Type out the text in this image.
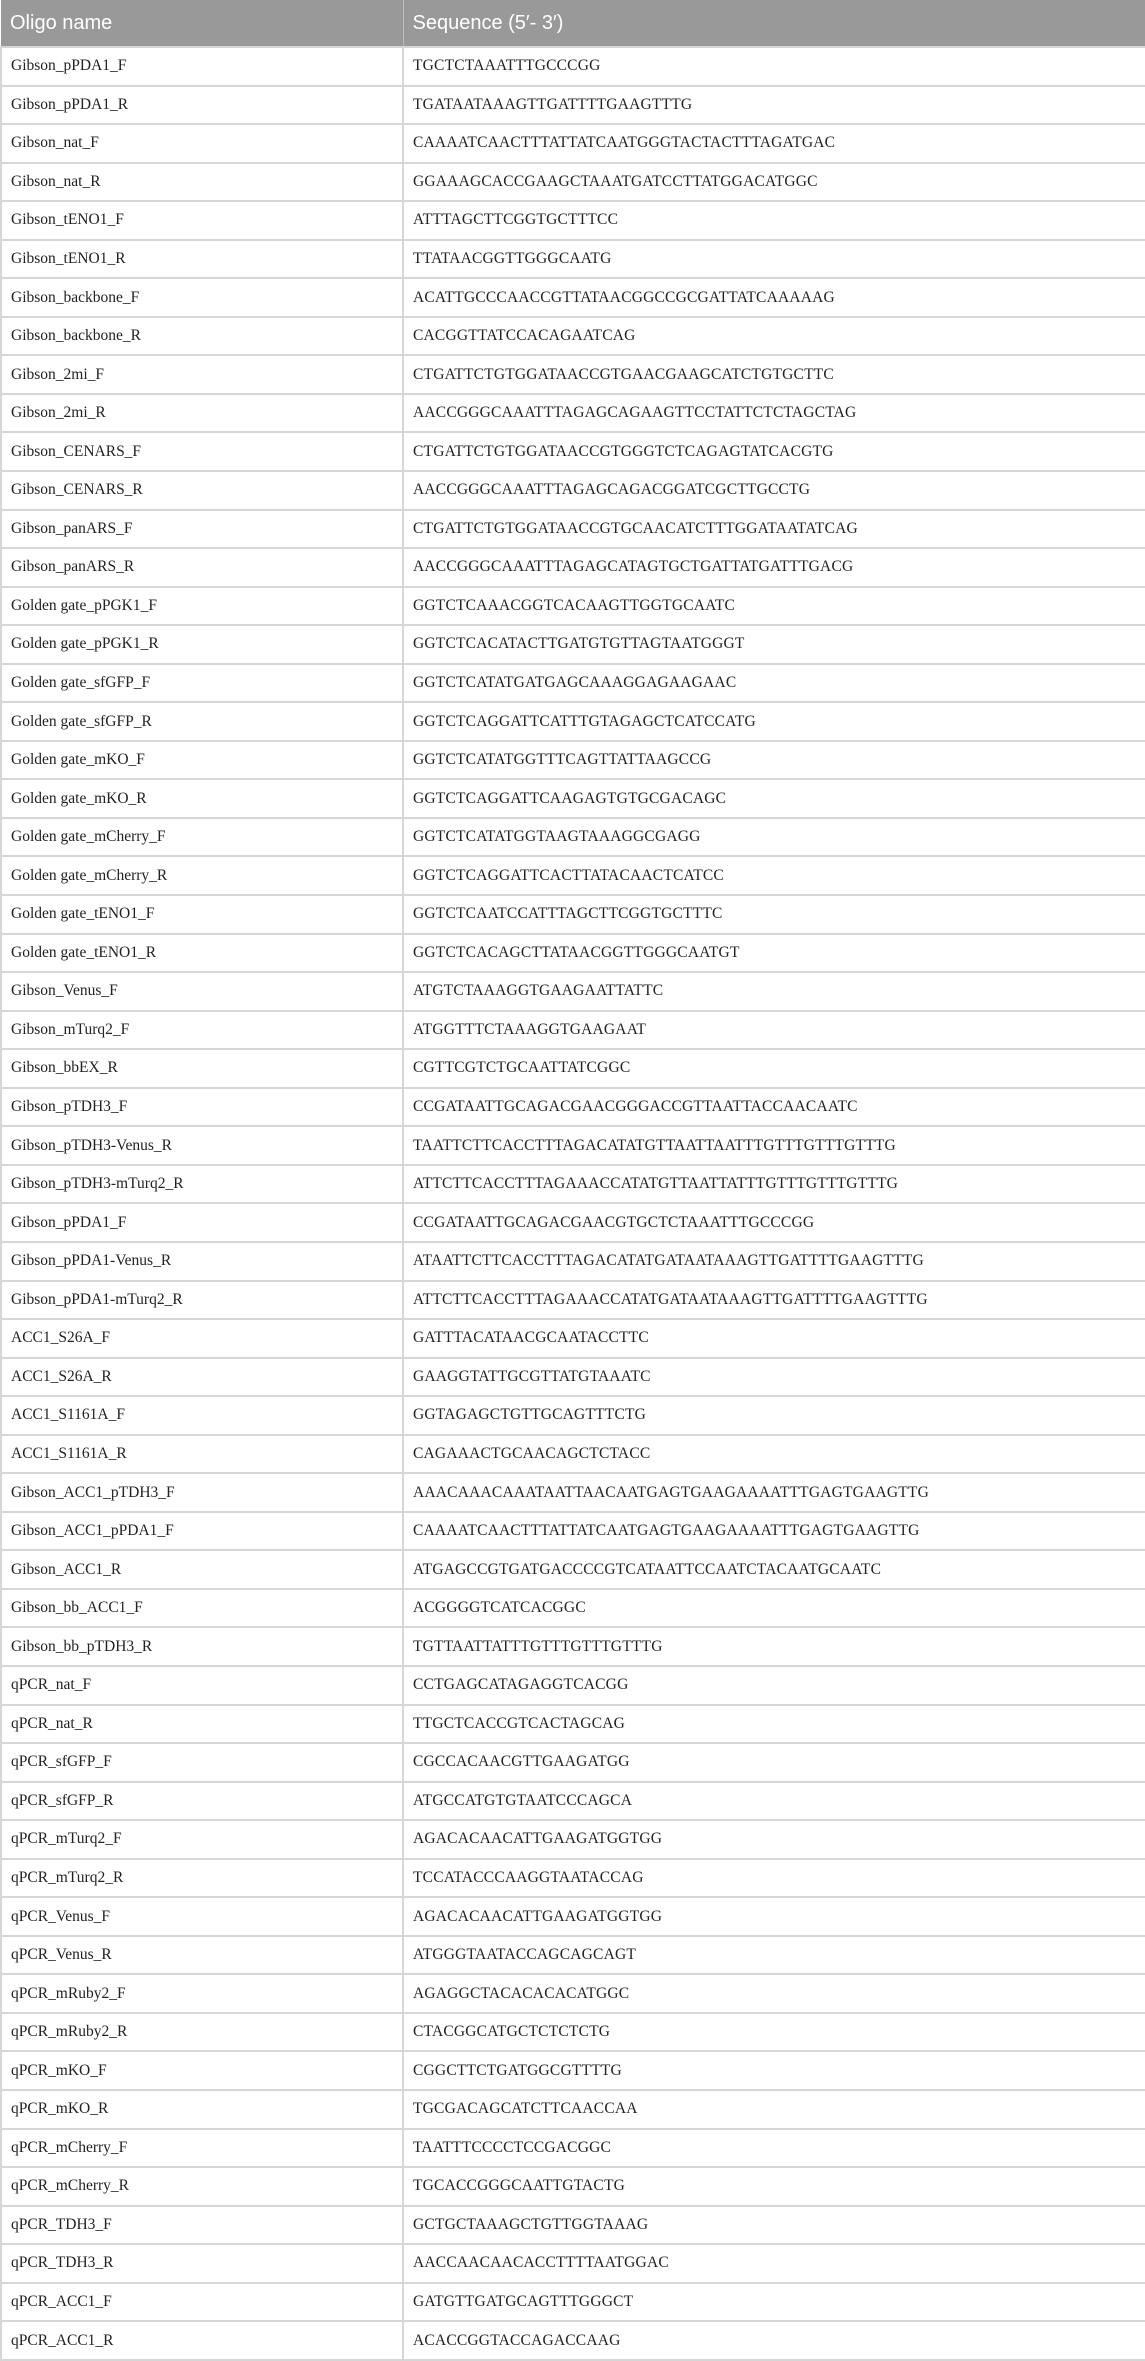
Oligo name	Sequence (5′- 3′)
Gibson_pPDA1_F	TGCTCTAAATTTGCCCGG
Gibson_pPDA1_R	TGATAATAAAGTTGATTTTGAAGTTTG
Gibson_nat_F	CAAAATCAACTTTATTATCAATGGGTACTACTTTAGATGAC
Gibson_nat_R	GGAAAGCACCGAAGCTAAATGATCCTTATGGACATGGC
Gibson_tENO1_F	ATTTAGCTTCGGTGCTTTCC
Gibson_tENO1_R	TTATAACGGTTGGGCAATG
Gibson_backbone_F	ACATTGCCCAACCGTTATAACGGCCGCGATTATCAAAAAG
Gibson_backbone_R	CACGGTTATCCACAGAATCAG
Gibson_2mi_F	CTGATTCTGTGGATAACCGTGAACGAAGCATCTGTGCTTC
Gibson_2mi_R	AACCGGGCAAATTTAGAGCAGAAGTTCCTATTCTCTAGCTAG
Gibson_CENARS_F	CTGATTCTGTGGATAACCGTGGGTCTCAGAGTATCACGTG
Gibson_CENARS_R	AACCGGGCAAATTTAGAGCAGACGGATCGCTTGCCTG
Gibson_panARS_F	CTGATTCTGTGGATAACCGTGCAACATCTTTGGATAATATCAG
Gibson_panARS_R	AACCGGGCAAATTTAGAGCATAGTGCTGATTATGATTTGACG
Golden gate_pPGK1_F	GGTCTCAAACGGTCACAAGTTGGTGCAATC
Golden gate_pPGK1_R	GGTCTCACATACTTGATGTGTTAGTAATGGGT
Golden gate_sfGFP_F	GGTCTCATATGATGAGCAAAGGAGAAGAAC
Golden gate_sfGFP_R	GGTCTCAGGATTCATTTGTAGAGCTCATCCATG
Golden gate_mKO_F	GGTCTCATATGGTTTCAGTTATTAAGCCG
Golden gate_mKO_R	GGTCTCAGGATTCAAGAGTGTGCGACAGC
Golden gate_mCherry_F	GGTCTCATATGGTAAGTAAAGGCGAGG
Golden gate_mCherry_R	GGTCTCAGGATTCACTTATACAACTCATCC
Golden gate_tENO1_F	GGTCTCAATCCATTTAGCTTCGGTGCTTTC
Golden gate_tENO1_R	GGTCTCACAGCTTATAACGGTTGGGCAATGT
Gibson_Venus_F	ATGTCTAAAGGTGAAGAATTATTC
Gibson_mTurq2_F	ATGGTTTCTAAAGGTGAAGAAT
Gibson_bbEX_R	CGTTCGTCTGCAATTATCGGC
Gibson_pTDH3_F	CCGATAATTGCAGACGAACGGGACCGTTAATTACCAACAATC
Gibson_pTDH3-Venus_R	TAATTCTTCACCTTTAGACATATGTTAATTAATTTGTTTGTTTGTTTG
Gibson_pTDH3-mTurq2_R	ATTCTTCACCTTTAGAAACCATATGTTAATTATTTGTTTGTTTGTTTG
Gibson_pPDA1_F	CCGATAATTGCAGACGAACGTGCTCTAAATTTGCCCGG
Gibson_pPDA1-Venus_R	ATAATTCTTCACCTTTAGACATATGATAATAAAGTTGATTTTGAAGTTTG
Gibson_pPDA1-mTurq2_R	ATTCTTCACCTTTAGAAACCATATGATAATAAAGTTGATTTTGAAGTTTG
ACC1_S26A_F	GATTTACATAACGCAATACCTTC
ACC1_S26A_R	GAAGGTATTGCGTTATGTAAATC
ACC1_S1161A_F	GGTAGAGCTGTTGCAGTTTCTG
ACC1_S1161A_R	CAGAAACTGCAACAGCTCTACC
Gibson_ACC1_pTDH3_F	AAACAAACAAATAATTAACAATGAGTGAAGAAAATTTGAGTGAAGTTG
Gibson_ACC1_pPDA1_F	CAAAATCAACTTTATTATCAATGAGTGAAGAAAATTTGAGTGAAGTTG
Gibson_ACC1_R	ATGAGCCGTGATGACCCCGTCATAATTCCAATCTACAATGCAATC
Gibson_bb_ACC1_F	ACGGGGTCATCACGGC
Gibson_bb_pTDH3_R	TGTTAATTATTTGTTTGTTTGTTTG
qPCR_nat_F	CCTGAGCATAGAGGTCACGG
qPCR_nat_R	TTGCTCACCGTCACTAGCAG
qPCR_sfGFP_F	CGCCACAACGTTGAAGATGG
qPCR_sfGFP_R	ATGCCATGTGTAATCCCAGCA
qPCR_mTurq2_F	AGACACAACATTGAAGATGGTGG
qPCR_mTurq2_R	TCCATACCCAAGGTAATACCAG
qPCR_Venus_F	AGACACAACATTGAAGATGGTGG
qPCR_Venus_R	ATGGGTAATACCAGCAGCAGT
qPCR_mRuby2_F	AGAGGCTACACACACATGGC
qPCR_mRuby2_R	CTACGGCATGCTCTCTCTG
qPCR_mKO_F	CGGCTTCTGATGGCGTTTTG
qPCR_mKO_R	TGCGACAGCATCTTCAACCAA
qPCR_mCherry_F	TAATTTCCCCTCCGACGGC
qPCR_mCherry_R	TGCACCGGGCAATTGTACTG
qPCR_TDH3_F	GCTGCTAAAGCTGTTGGTAAAG
qPCR_TDH3_R	AACCAACAACACCTTTTAATGGAC
qPCR_ACC1_F	GATGTTGATGCAGTTTGGGCT
qPCR_ACC1_R	ACACCGGTACCAGACCAAG
